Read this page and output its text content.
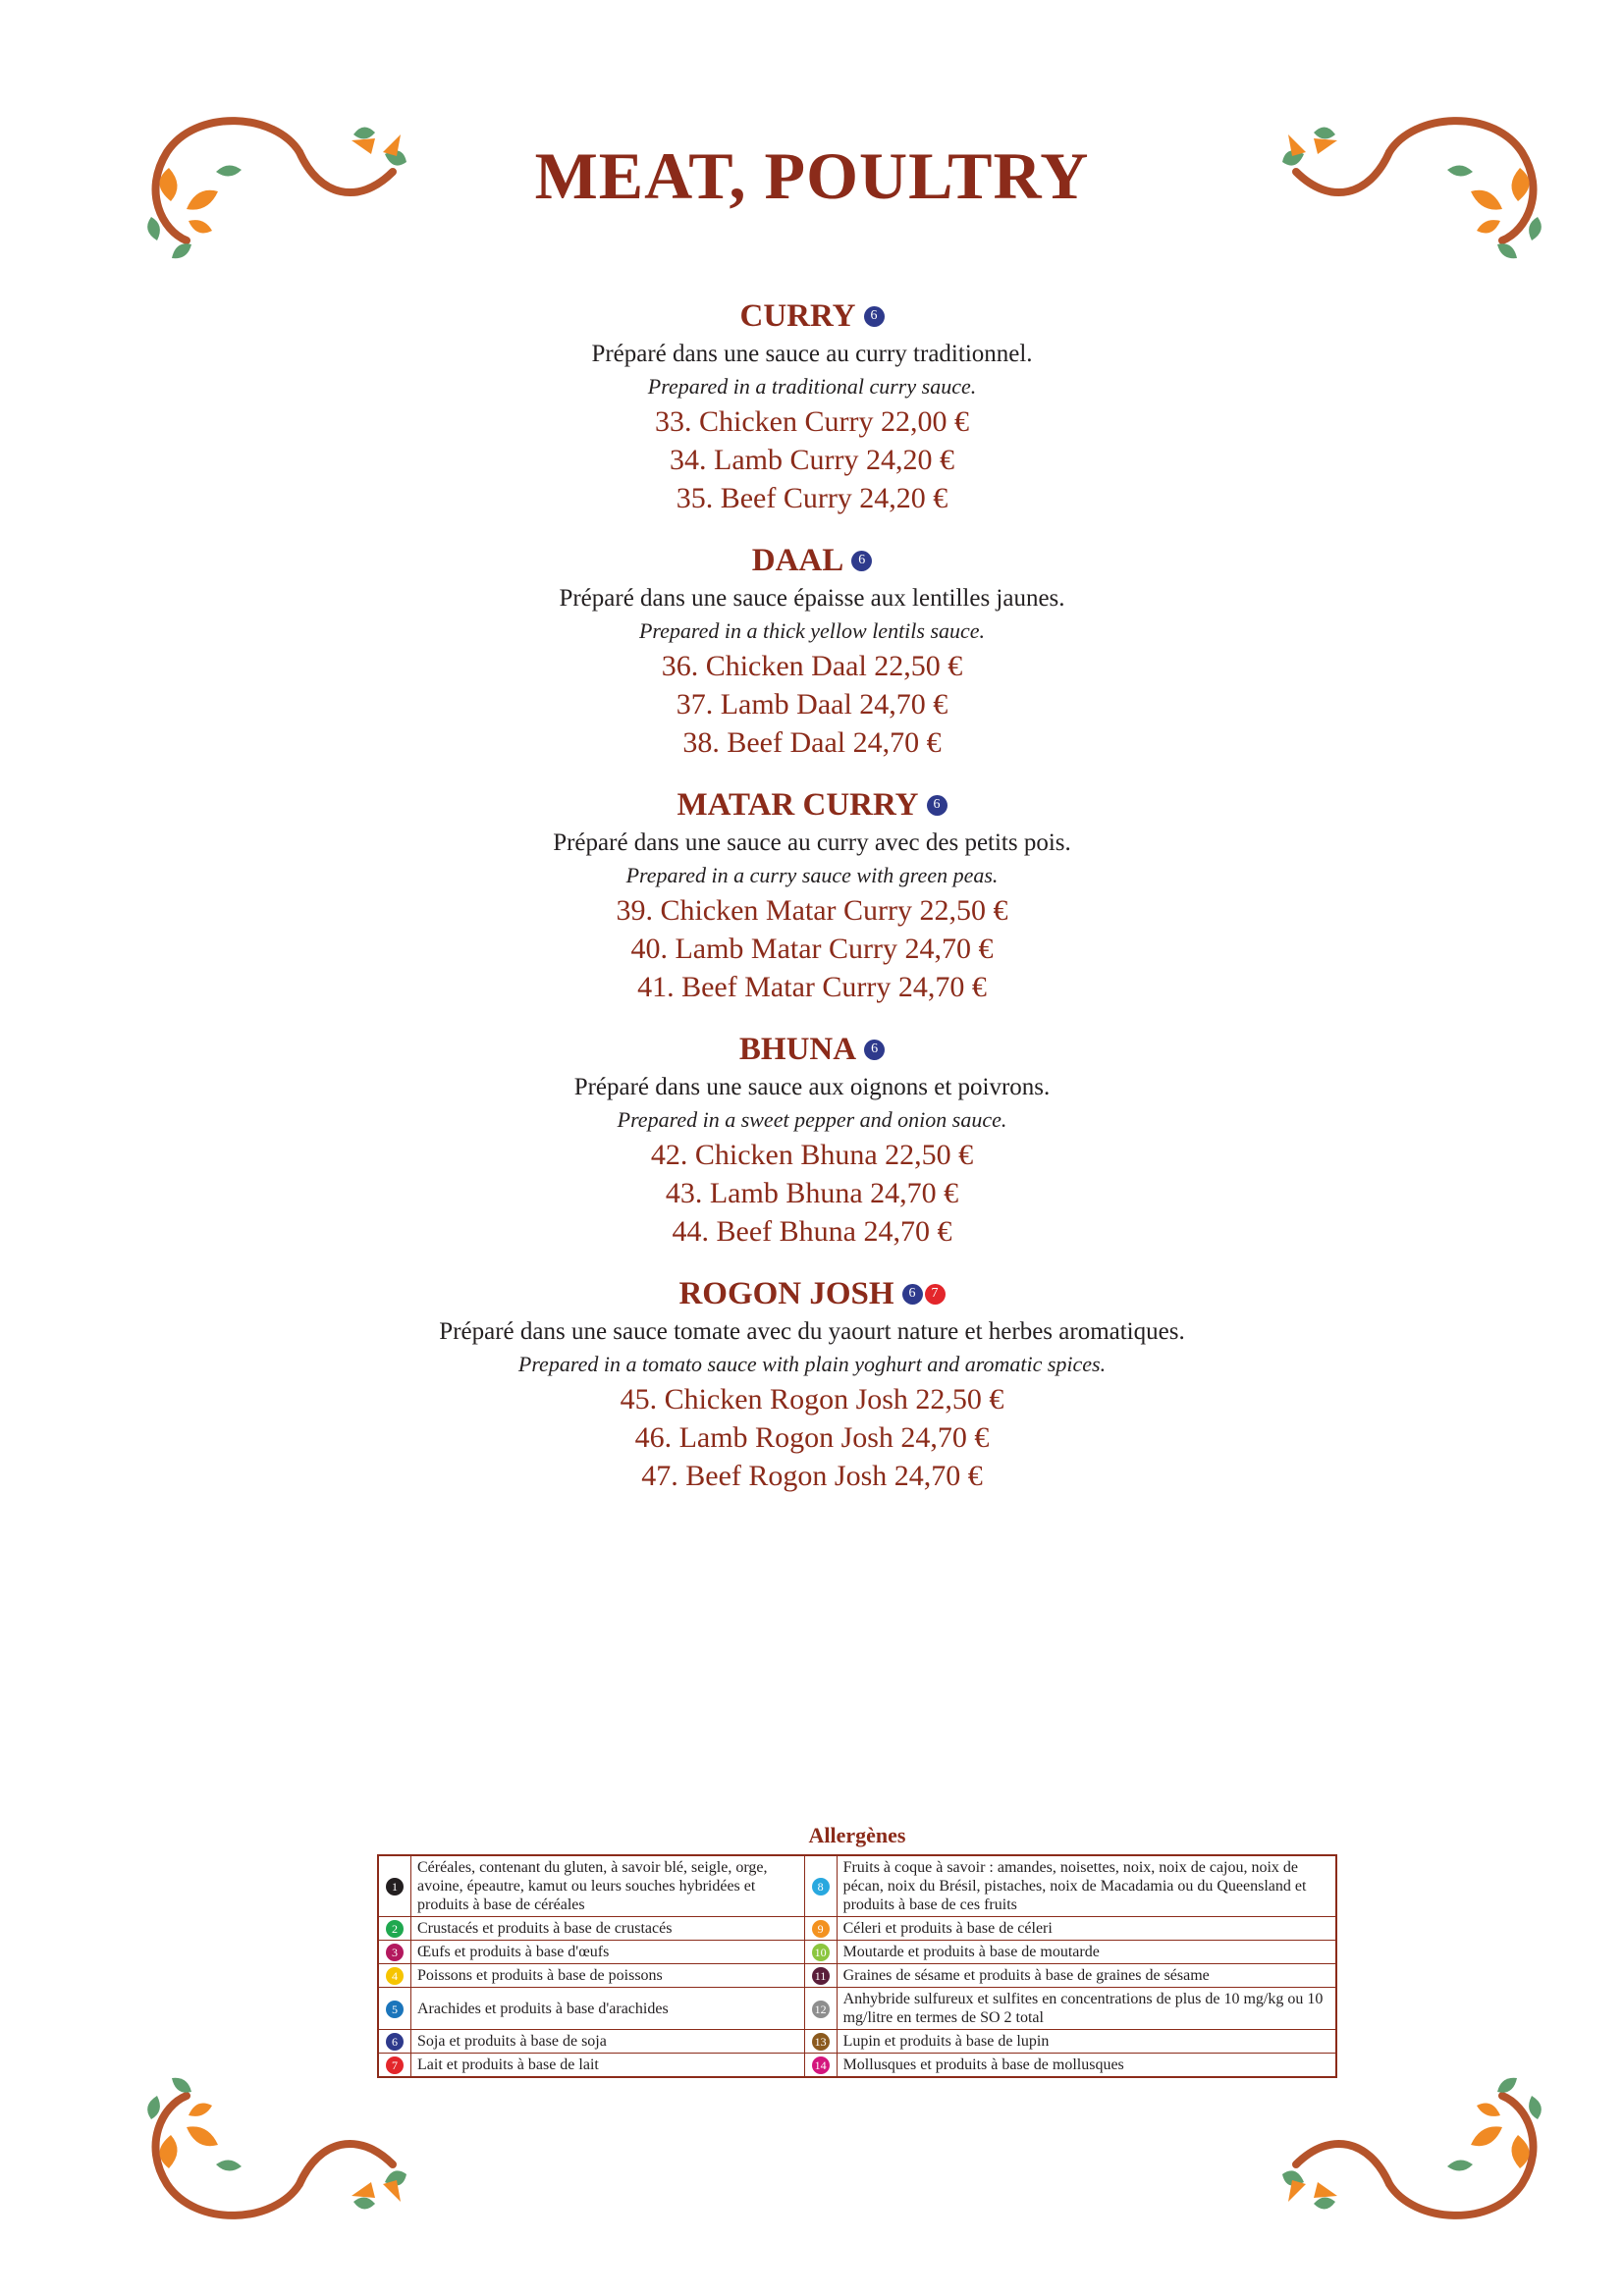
MEAT, POULTRY
CURRY	6
Préparé dans une sauce au curry traditionnel.
Prepared in a traditional curry sauce.
33. Chicken Curry 22,00 €
34. Lamb Curry 24,20 €
35. Beef Curry 24,20 €
DAAL	6
Préparé dans une sauce épaisse aux lentilles jaunes.
Prepared in a thick yellow lentils sauce.
36. Chicken Daal 22,50 €
37. Lamb Daal 24,70 €
38. Beef Daal 24,70 €
MATAR CURRY	6
Préparé dans une sauce au curry avec des petits pois.
Prepared in a curry sauce with green peas.
39. Chicken Matar Curry 22,50 €
40. Lamb Matar Curry 24,70 €
41. Beef Matar Curry 24,70 €
BHUNA	6
Préparé dans une sauce aux oignons et poivrons.
Prepared in a sweet pepper and onion sauce.
42. Chicken Bhuna 22,50 €
43. Lamb Bhuna 24,70 €
44. Beef Bhuna 24,70 €
ROGON JOSH	6	7
Préparé dans une sauce tomate avec du yaourt nature et herbes aromatiques.
Prepared in a tomato sauce with plain yoghurt and aromatic spices.
45. Chicken Rogon Josh 22,50 €
46. Lamb Rogon Josh 24,70 €
47. Beef Rogon Josh 24,70 €
Allergènes
1	Céréales, contenant du gluten, à savoir blé, seigle, orge, avoine, épeautre, kamut ou leurs souches hybridées et produits à base de céréales	8	Fruits à coque à savoir : amandes, noisettes, noix, noix de cajou, noix de pécan, noix du Brésil, pistaches, noix de Macadamia ou du Queensland et produits à base de ces fruits
2	Crustacés et produits à base de crustacés	9	Céleri et produits à base de céleri
3	Œufs et produits à base d'œufs	10	Moutarde et produits à base de moutarde
4	Poissons et produits à base de poissons	11	Graines de sésame et produits à base de graines de sésame
5	Arachides et produits à base d'arachides	12	Anhybride sulfureux et sulfites en concentrations de plus de 10 mg/kg ou 10 mg/litre en termes de SO 2 total
6	Soja et produits à base de soja	13	Lupin et produits à base de lupin
7	Lait et produits à base de lait	14	Mollusques et produits à base de mollusques
